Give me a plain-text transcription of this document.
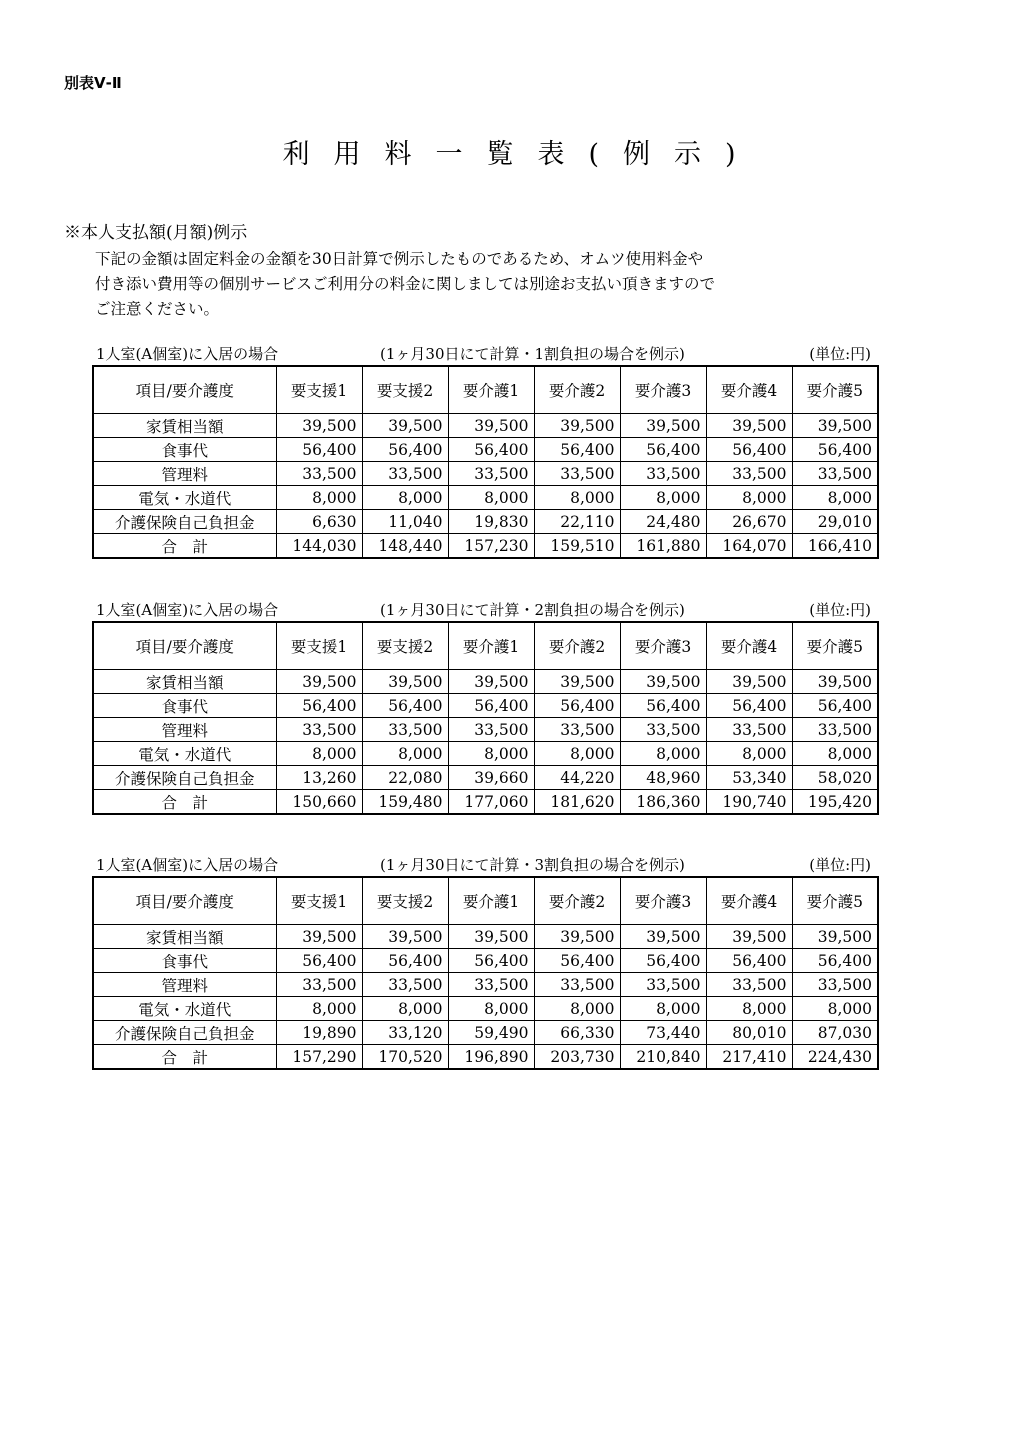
別表Ⅴ-Ⅱ
利用料一覧表(例示)
※本人支払額(月額)例示
下記の金額は固定料金の金額を30日計算で例示したものであるため、オムツ使用料金や
付き添い費用等の個別サービスご利用分の料金に関しましては別途お支払い頂きますので
ご注意ください。
1人室(A個室)に入居の場合	(1ヶ月30日にて計算・1割負担の場合を例示)	(単位:円)
項目/要介護度	要支援1	要支援2	要介護1	要介護2	要介護3	要介護4	要介護5
家賃相当額	39,500	39,500	39,500	39,500	39,500	39,500	39,500
食事代	56,400	56,400	56,400	56,400	56,400	56,400	56,400
管理料	33,500	33,500	33,500	33,500	33,500	33,500	33,500
電気・水道代	8,000	8,000	8,000	8,000	8,000	8,000	8,000
介護保険自己負担金	6,630	11,040	19,830	22,110	24,480	26,670	29,010
合　計	144,030	148,440	157,230	159,510	161,880	164,070	166,410
1人室(A個室)に入居の場合	(1ヶ月30日にて計算・2割負担の場合を例示)	(単位:円)
項目/要介護度	要支援1	要支援2	要介護1	要介護2	要介護3	要介護4	要介護5
家賃相当額	39,500	39,500	39,500	39,500	39,500	39,500	39,500
食事代	56,400	56,400	56,400	56,400	56,400	56,400	56,400
管理料	33,500	33,500	33,500	33,500	33,500	33,500	33,500
電気・水道代	8,000	8,000	8,000	8,000	8,000	8,000	8,000
介護保険自己負担金	13,260	22,080	39,660	44,220	48,960	53,340	58,020
合　計	150,660	159,480	177,060	181,620	186,360	190,740	195,420
1人室(A個室)に入居の場合	(1ヶ月30日にて計算・3割負担の場合を例示)	(単位:円)
項目/要介護度	要支援1	要支援2	要介護1	要介護2	要介護3	要介護4	要介護5
家賃相当額	39,500	39,500	39,500	39,500	39,500	39,500	39,500
食事代	56,400	56,400	56,400	56,400	56,400	56,400	56,400
管理料	33,500	33,500	33,500	33,500	33,500	33,500	33,500
電気・水道代	8,000	8,000	8,000	8,000	8,000	8,000	8,000
介護保険自己負担金	19,890	33,120	59,490	66,330	73,440	80,010	87,030
合　計	157,290	170,520	196,890	203,730	210,840	217,410	224,430
